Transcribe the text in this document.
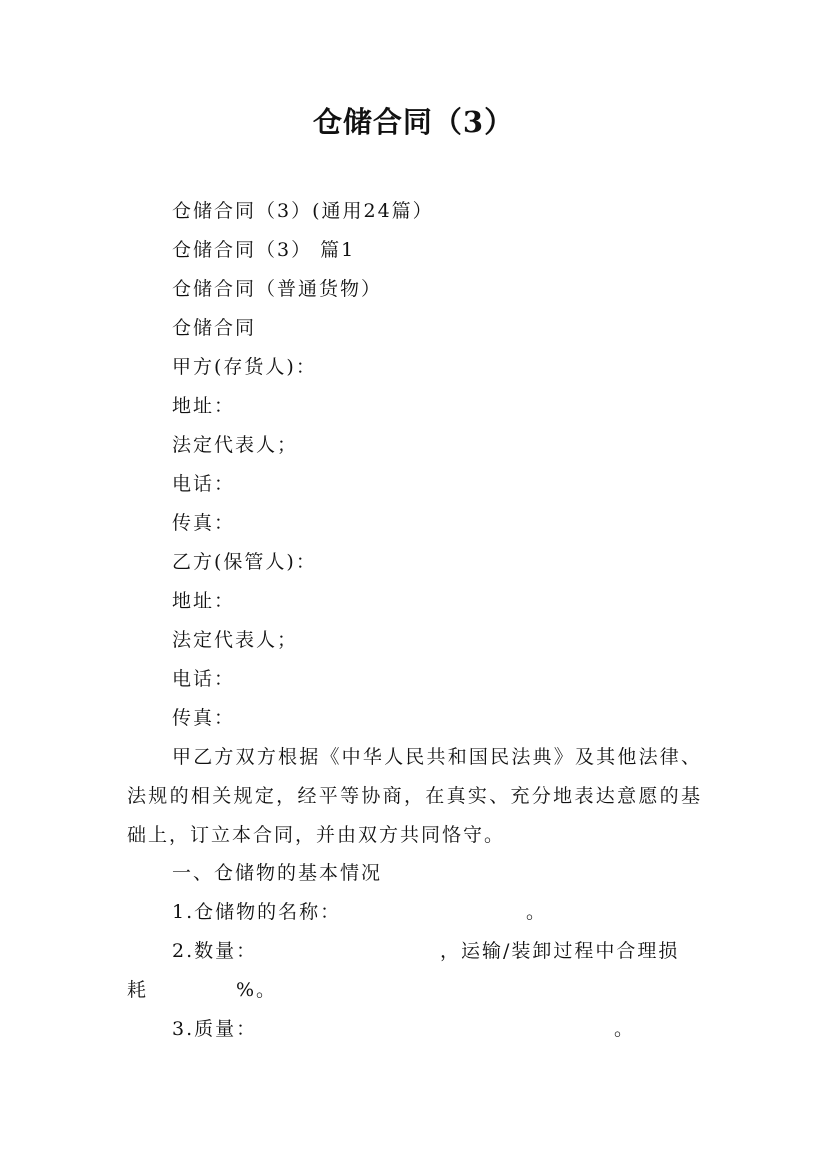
仓储合同（3）
仓储合同（3）(通用24篇）
仓储合同（3） 篇1
仓储合同（普通货物）
仓储合同
甲方(存货人)：
地址：
法定代表人；
电话：
传真：
乙方(保管人)：
地址：
法定代表人；
电话：
传真：
甲乙方双方根据《中华人民共和国民法典》及其他法律、法规的相关规定，经平等协商，在真实、充分地表达意愿的基础上，订立本合同，并由双方共同恪守。
一、仓储物的基本情况
1.仓储物的名称：	。
2.数量：	，运输/装卸过程中合理损
耗	%。
3.质量：	。
